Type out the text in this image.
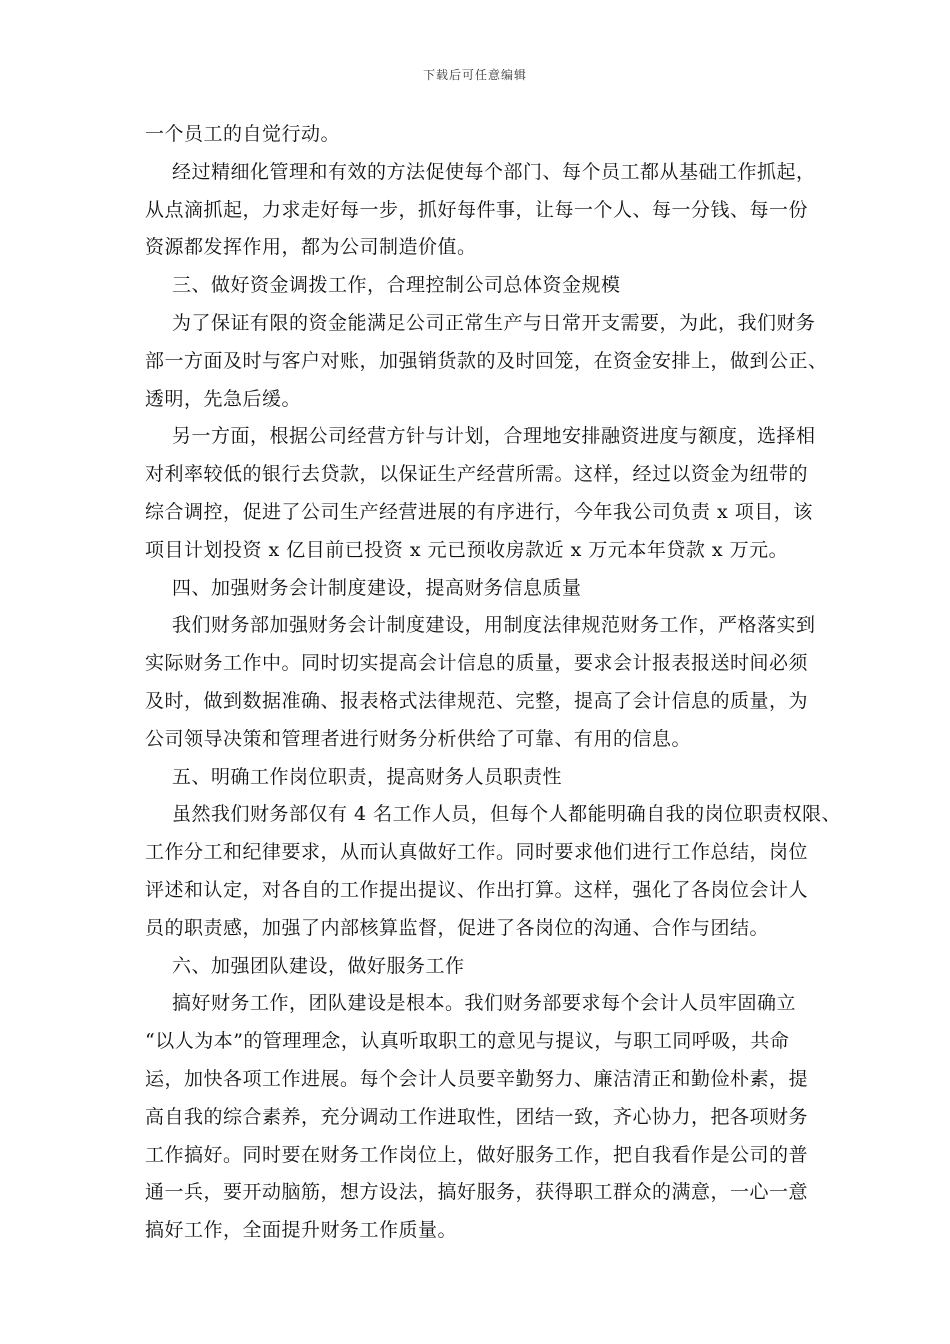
下载后可任意编辑
一个员工的自觉行动。
经过精细化管理和有效的方法促使每个部门、每个员工都从基础工作抓起，
从点滴抓起，力求走好每一步，抓好每件事，让每一个人、每一分钱、每一份
资源都发挥作用，都为公司制造价值。
三、做好资金调拨工作，合理控制公司总体资金规模
为了保证有限的资金能满足公司正常生产与日常开支需要，为此，我们财务
部一方面及时与客户对账，加强销货款的及时回笼，在资金安排上，做到公正、
透明，先急后缓。
另一方面，根据公司经营方针与计划，合理地安排融资进度与额度，选择相
对利率较低的银行去贷款，以保证生产经营所需。这样，经过以资金为纽带的
综合调控，促进了公司生产经营进展的有序进行，今年我公司负责 x 项目，该
项目计划投资 x 亿目前已投资 x 元已预收房款近 x 万元本年贷款 x 万元。
四、加强财务会计制度建设，提高财务信息质量
我们财务部加强财务会计制度建设，用制度法律规范财务工作，严格落实到
实际财务工作中。同时切实提高会计信息的质量，要求会计报表报送时间必须
及时，做到数据准确、报表格式法律规范、完整，提高了会计信息的质量，为
公司领导决策和管理者进行财务分析供给了可靠、有用的信息。
五、明确工作岗位职责，提高财务人员职责性
虽然我们财务部仅有 4 名工作人员，但每个人都能明确自我的岗位职责权限、
工作分工和纪律要求，从而认真做好工作。同时要求他们进行工作总结，岗位
评述和认定，对各自的工作提出提议、作出打算。这样，强化了各岗位会计人
员的职责感，加强了内部核算监督，促进了各岗位的沟通、合作与团结。
六、加强团队建设，做好服务工作
搞好财务工作，团队建设是根本。我们财务部要求每个会计人员牢固确立
“以人为本”的管理理念，认真听取职工的意见与提议，与职工同呼吸，共命
运，加快各项工作进展。每个会计人员要辛勤努力、廉洁清正和勤俭朴素，提
高自我的综合素养，充分调动工作进取性，团结一致，齐心协力，把各项财务
工作搞好。同时要在财务工作岗位上，做好服务工作，把自我看作是公司的普
通一兵，要开动脑筋，想方设法，搞好服务，获得职工群众的满意，一心一意
搞好工作，全面提升财务工作质量。
